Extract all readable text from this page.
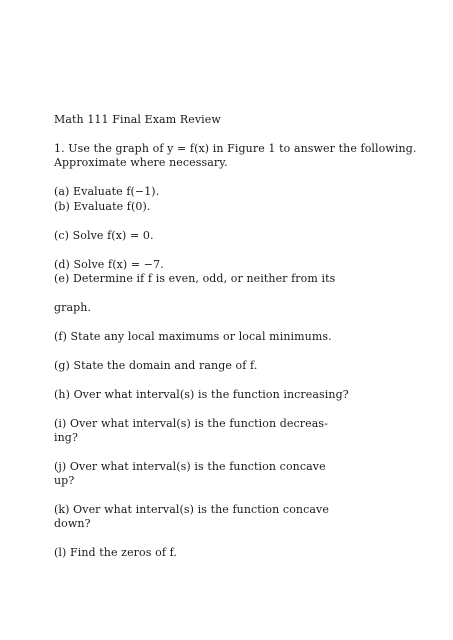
Math 111 Final Exam Review
1. Use the graph of y = f(x) in Figure 1 to answer the following.
Approximate where necessary.
(a) Evaluate f(−1).
(b) Evaluate f(0).
(c) Solve f(x) = 0.
(d) Solve f(x) = −7.
(e) Determine if f is even, odd, or neither from its
graph.
(f) State any local maximums or local minimums.
(g) State the domain and range of f.
(h) Over what interval(s) is the function increasing?
(i) Over what interval(s) is the function decreas-
ing?
(j) Over what interval(s) is the function concave
up?
(k) Over what interval(s) is the function concave
down?
(l) Find the zeros of f.
